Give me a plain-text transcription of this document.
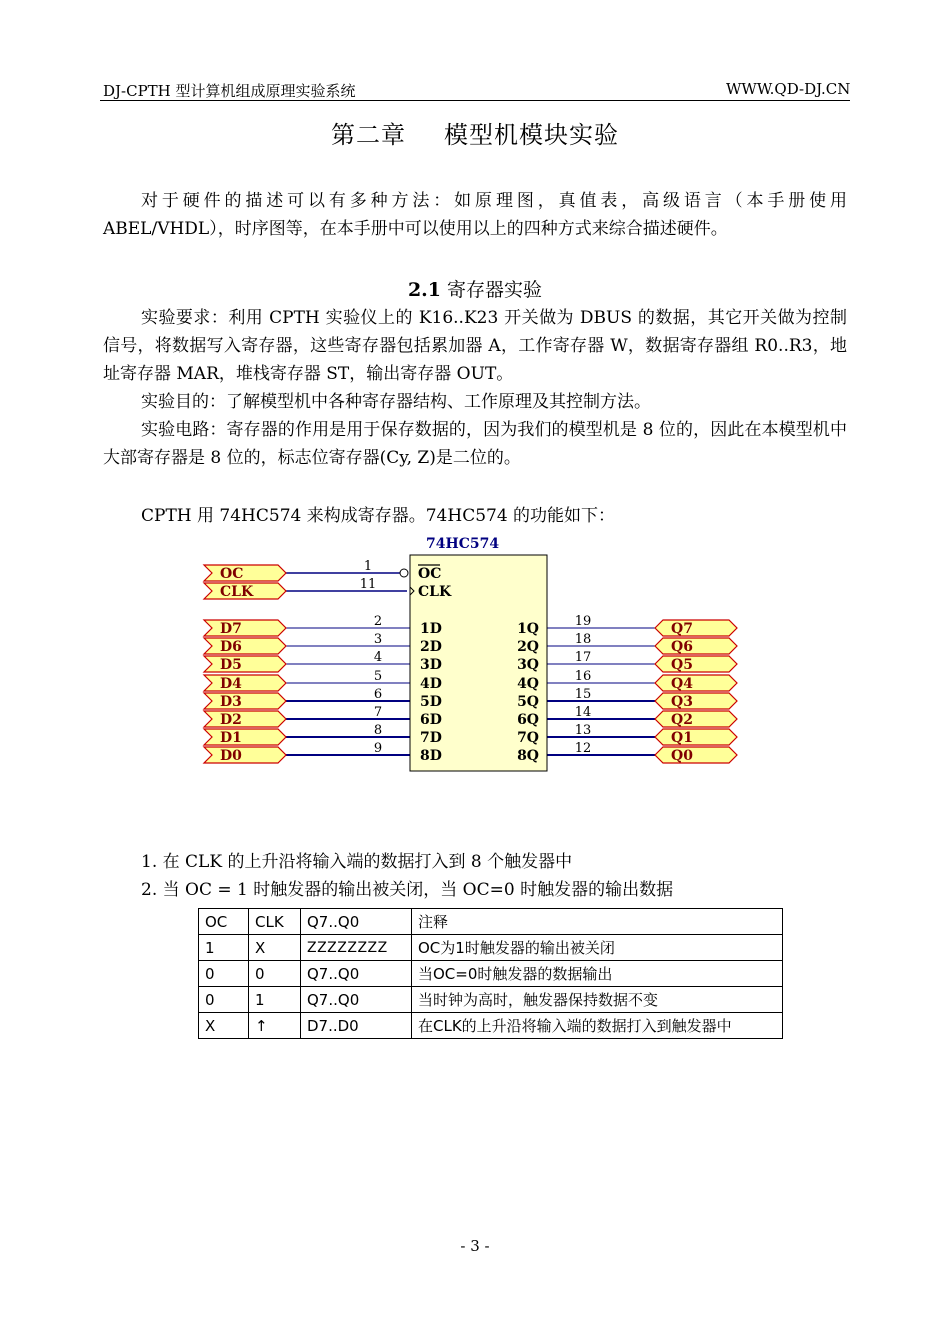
DJ-CPTH 型计算机组成原理实验系统	WWW.QD-DJ.CN
第二章 模型机模块实验
对于硬件的描述可以有多种方法：如原理图，真值表，高级语言（本手册使用ABEL/VHDL），时序图等，在本手册中可以使用以上的四种方式来综合描述硬件。
2.1 寄存器实验
实验要求：利用 CPTH 实验仪上的 K16..K23 开关做为 DBUS 的数据，其它开关做为控制信号，将数据写入寄存器，这些寄存器包括累加器 A，工作寄存器 W，数据寄存器组 R0..R3，地址寄存器 MAR，堆栈寄存器 ST，输出寄存器 OUT。
实验目的：了解模型机中各种寄存器结构、工作原理及其控制方法。
实验电路：寄存器的作用是用于保存数据的，因为我们的模型机是 8 位的，因此在本模型机中大部寄存器是 8 位的，标志位寄存器(Cy, Z)是二位的。
CPTH 用 74HC574 来构成寄存器。74HC574 的功能如下：
OC
CLK
D7
D6
D5
D4
D3
D2
D1
D0
Q7
Q6
Q5
Q4
Q3
Q2
Q1
Q0
74HC574
1	OC
11	CLK
2	1D
3	2D
4	3D
5	4D
6	5D
7	6D
8	7D
9	8D
19
1Q
18
2Q
17
3Q
16
4Q
15
5Q
14
6Q
13
7Q
12
8Q
1. 在 CLK 的上升沿将输入端的数据打入到 8 个触发器中
2. 当 OC = 1 时触发器的输出被关闭，当 OC=0 时触发器的输出数据
OC	CLK	Q7..Q0	注释
1	X	ZZZZZZZZ	OC为1时触发器的输出被关闭
0	0	Q7..Q0	当OC=0时触发器的数据输出
0	1	Q7..Q0	当时钟为高时，触发器保持数据不变
X	↑	D7..D0	在CLK的上升沿将输入端的数据打入到触发器中
- 3 -
